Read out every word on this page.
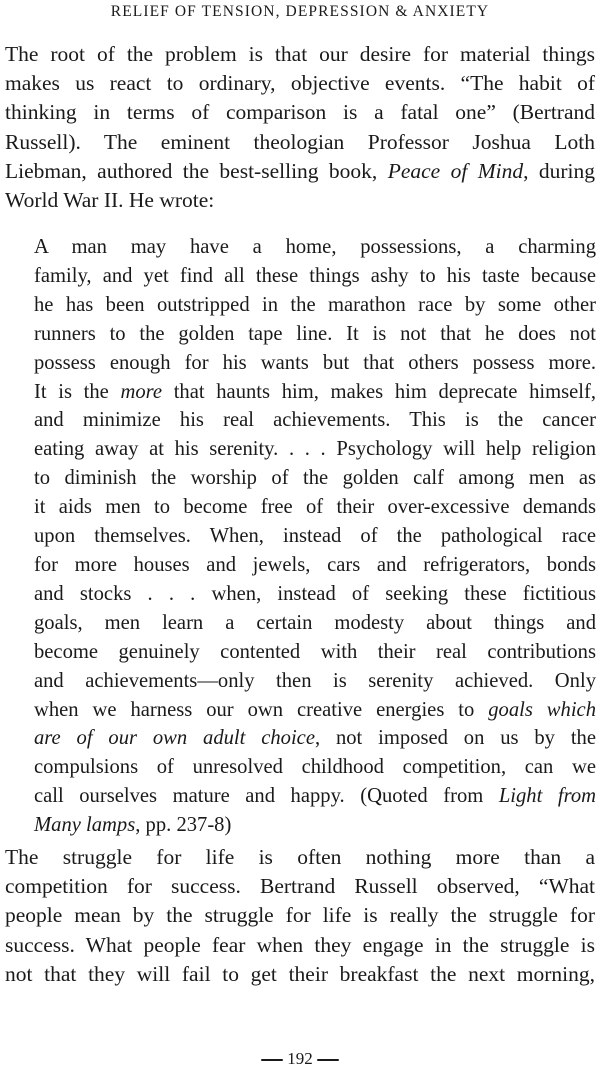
RELIEF OF TENSION, DEPRESSION & ANXIETY
The root of the problem is that our desire for material things
makes us react to ordinary, objective events. “The habit of
thinking in terms of comparison is a fatal one” (Bertrand
Russell). The eminent theologian Professor Joshua Loth
Liebman, authored the best-selling book, Peace of Mind, during
World War II. He wrote:
A man may have a home, possessions, a charming
family, and yet find all these things ashy to his taste because
he has been outstripped in the marathon race by some other
runners to the golden tape line. It is not that he does not
possess enough for his wants but that others possess more.
It is the more that haunts him, makes him deprecate himself,
and minimize his real achievements. This is the cancer
eating away at his serenity. . . . Psychology will help religion
to diminish the worship of the golden calf among men as
it aids men to become free of their over-excessive demands
upon themselves. When, instead of the pathological race
for more houses and jewels, cars and refrigerators, bonds
and stocks . . . when, instead of seeking these fictitious
goals, men learn a certain modesty about things and
become genuinely contented with their real contributions
and achievements—only then is serenity achieved. Only
when we harness our own creative energies to goals which
are of our own adult choice, not imposed on us by the
compulsions of unresolved childhood competition, can we
call ourselves mature and happy. (Quoted from Light from
Many lamps, pp. 237-8)
The struggle for life is often nothing more than a
competition for success. Bertrand Russell observed, “What
people mean by the struggle for life is really the struggle for
success. What people fear when they engage in the struggle is
not that they will fail to get their breakfast the next morning,
192
